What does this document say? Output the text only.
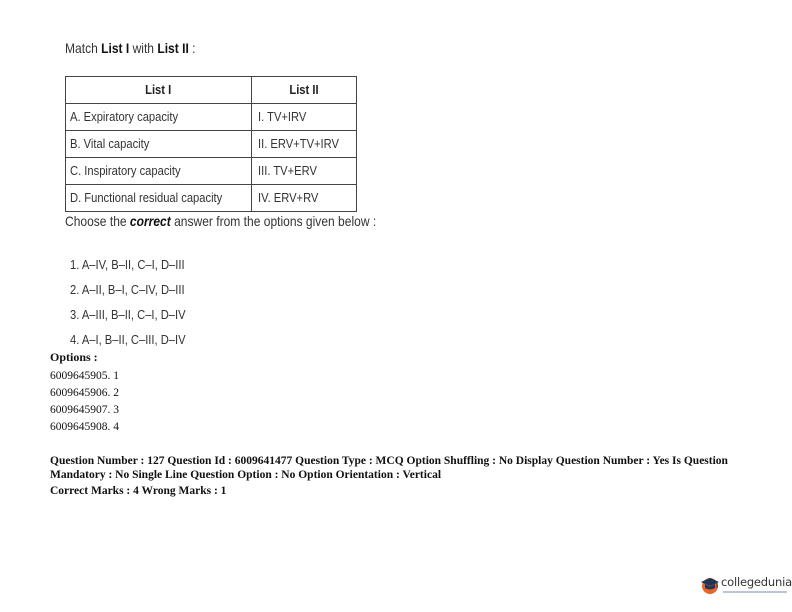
Match List I with List II :
List I	List II
A. Expiratory capacity	I. TV+IRV
B. Vital capacity	II. ERV+TV+IRV
C. Inspiratory capacity	III. TV+ERV
D. Functional residual capacity	IV. ERV+RV
Choose the correct answer from the options given below :
1. A–IV, B–II, C–I, D–III
2. A–II, B–I, C–IV, D–III
3. A–III, B–II, C–I, D–IV
4. A–I, B–II, C–III, D–IV
Options :
6009645905. 1
6009645906. 2
6009645907. 3
6009645908. 4
Question Number : 127 Question Id : 6009641477 Question Type : MCQ Option Shuffling : No Display Question Number : Yes Is Question Mandatory : No Single Line Question Option : No Option Orientation : Vertical
Correct Marks : 4 Wrong Marks : 1
collegedunia
